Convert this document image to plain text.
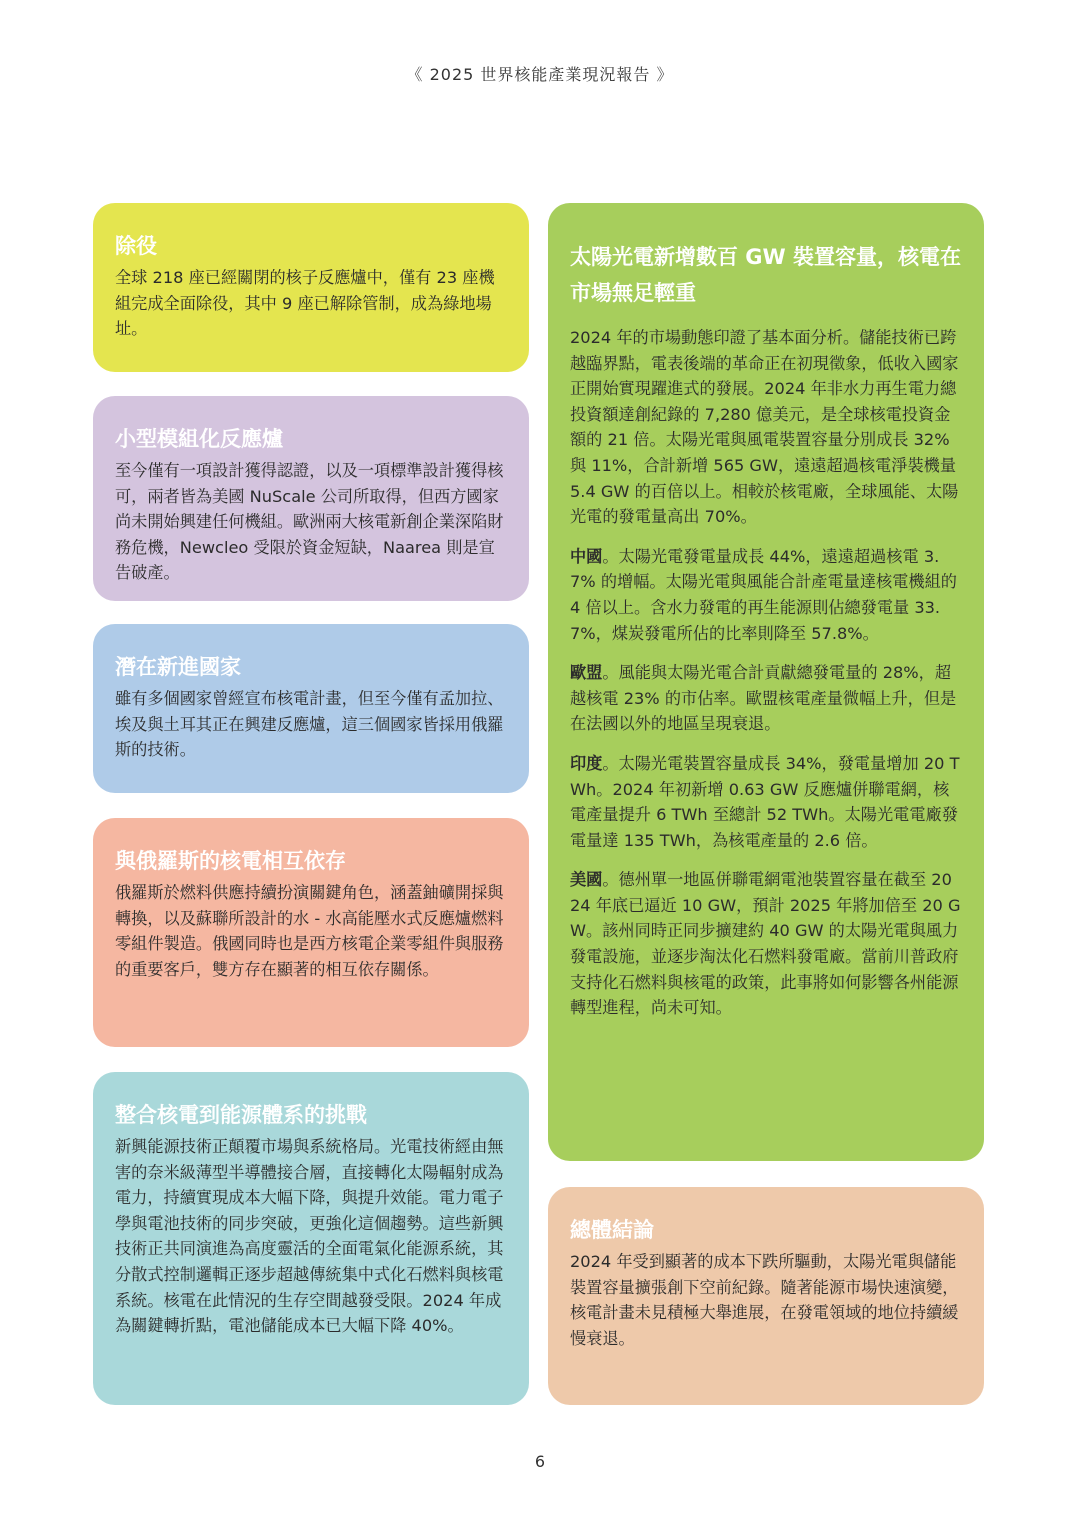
《 2025 世界核能產業現況報告 》
除役
全球 218 座已經關閉的核子反應爐中，僅有 23 座機組完成全面除役，其中 9 座已解除管制，成為綠地場址。
小型模組化反應爐
至今僅有一項設計獲得認證，以及一項標準設計獲得核可，兩者皆為美國 NuScale 公司所取得，但西方國家尚未開始興建任何機組。歐洲兩大核電新創企業深陷財務危機，Newcleo 受限於資金短缺，Naarea 則是宣告破產。
潛在新進國家
雖有多個國家曾經宣布核電計畫，但至今僅有孟加拉、埃及與土耳其正在興建反應爐，這三個國家皆採用俄羅斯的技術。
與俄羅斯的核電相互依存
俄羅斯於燃料供應持續扮演關鍵角色，涵蓋鈾礦開採與轉換，以及蘇聯所設計的水 - 水高能壓水式反應爐燃料零組件製造。俄國同時也是西方核電企業零組件與服務的重要客戶，雙方存在顯著的相互依存關係。
整合核電到能源體系的挑戰
新興能源技術正顛覆市場與系統格局。光電技術經由無害的奈米級薄型半導體接合層，直接轉化太陽輻射成為電力，持續實現成本大幅下降，與提升效能。電力電子學與電池技術的同步突破，更強化這個趨勢。這些新興技術正共同演進為高度靈活的全面電氣化能源系統，其分散式控制邏輯正逐步超越傳統集中式化石燃料與核電系統。核電在此情況的生存空間越發受限。2024 年成為關鍵轉折點，電池儲能成本已大幅下降 40%。
太陽光電新增數百 GW 裝置容量，核電在市場無足輕重

2024 年的市場動態印證了基本面分析。儲能技術已跨越臨界點，電表後端的革命正在初現徵象，低收入國家正開始實現躍進式的發展。2024 年非水力再生電力總投資額達創紀錄的 7,280 億美元，是全球核電投資金額的 21 倍。太陽光電與風電裝置容量分別成長 32% 與 11%，合計新增 565 GW，遠遠超過核電淨裝機量 5.4 GW 的百倍以上。相較於核電廠，全球風能、太陽光電的發電量高出 70%。

中國。太陽光電發電量成長 44%，遠遠超過核電 3.7% 的增幅。太陽光電與風能合計產電量達核電機組的 4 倍以上。含水力發電的再生能源則佔總發電量 33.7%，煤炭發電所佔的比率則降至 57.8%。

歐盟。風能與太陽光電合計貢獻總發電量的 28%，超越核電 23% 的市佔率。歐盟核電產量微幅上升，但是在法國以外的地區呈現衰退。

印度。太陽光電裝置容量成長 34%，發電量增加 20 TWh。2024 年初新增 0.63 GW 反應爐併聯電網，核電產量提升 6 TWh 至總計 52 TWh。太陽光電電廠發電量達 135 TWh，為核電產量的 2.6 倍。

美國。德州單一地區併聯電網電池裝置容量在截至 2024 年底已逼近 10 GW，預計 2025 年將加倍至 20 GW。該州同時正同步擴建約 40 GW 的太陽光電與風力發電設施，並逐步淘汰化石燃料發電廠。當前川普政府支持化石燃料與核電的政策，此事將如何影響各州能源轉型進程，尚未可知。

總體結論
2024 年受到顯著的成本下跌所驅動，太陽光電與儲能裝置容量擴張創下空前紀錄。隨著能源市場快速演變，核電計畫未見積極大舉進展，在發電領域的地位持續緩慢衰退。
6
